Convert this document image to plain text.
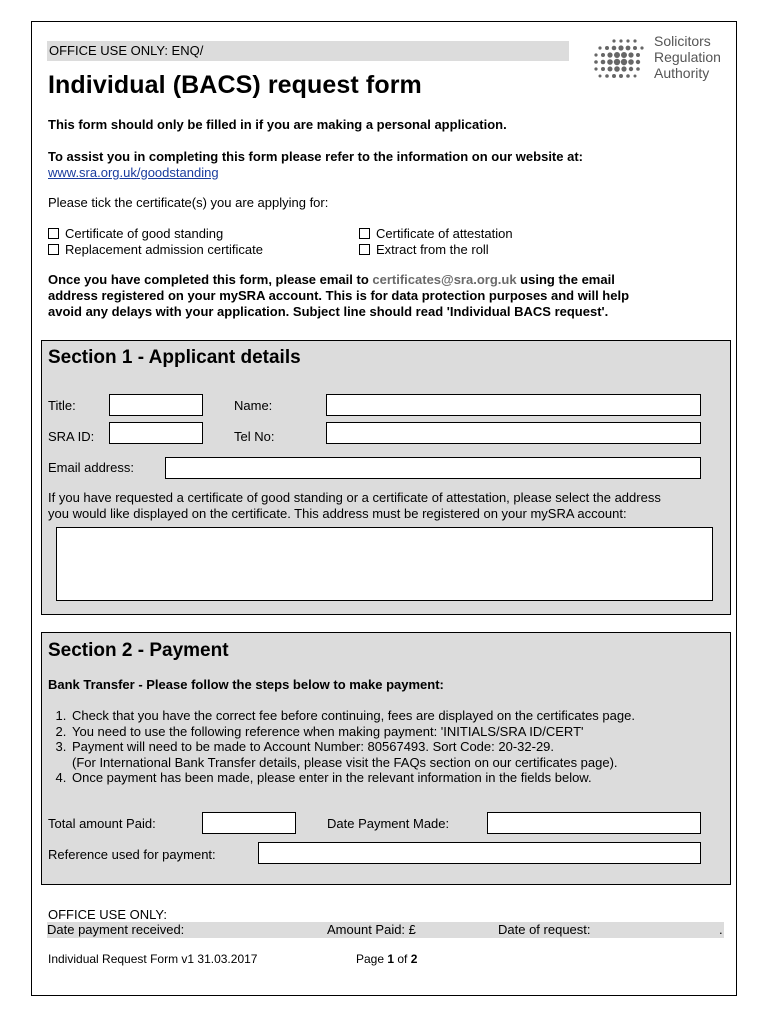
OFFICE USE ONLY: ENQ/
Individual (BACS) request form
Solicitors
Regulation
Authority
This form should only be filled in if you are making a personal application.
To assist you in completing this form please refer to the information on our website at:
www.sra.org.uk/goodstanding
Please tick the certificate(s) you are applying for:
Certificate of good standing
Replacement admission certificate
Certificate of attestation
Extract from the roll
Once you have completed this form, please email to certificates@sra.org.uk using the email
address registered on your mySRA account. This is for data protection purposes and will help
avoid any delays with your application. Subject line should read 'Individual BACS request'.
Section 1 - Applicant details
Title:	Name:
SRA ID:	Tel No:
Email address:
If you have requested a certificate of good standing or a certificate of attestation, please select the address
you would like displayed on the certificate. This address must be registered on your mySRA account:
Section 2 - Payment
Bank Transfer - Please follow the steps below to make payment:
1. Check that you have the correct fee before continuing, fees are displayed on the certificates page.
2. You need to use the following reference when making payment: 'INITIALS/SRA ID/CERT'
3. Payment will need to be made to Account Number: 80567493. Sort Code: 20-32-29.
(For International Bank Transfer details, please visit the FAQs section on our certificates page).
4. Once payment has been made, please enter in the relevant information in the fields below.
Total amount Paid:	Date Payment Made:
Reference used for payment:
OFFICE USE ONLY:
Date payment received:	Amount Paid: £	Date of request:	.
Individual Request Form v1 31.03.2017	Page 1 of 2
